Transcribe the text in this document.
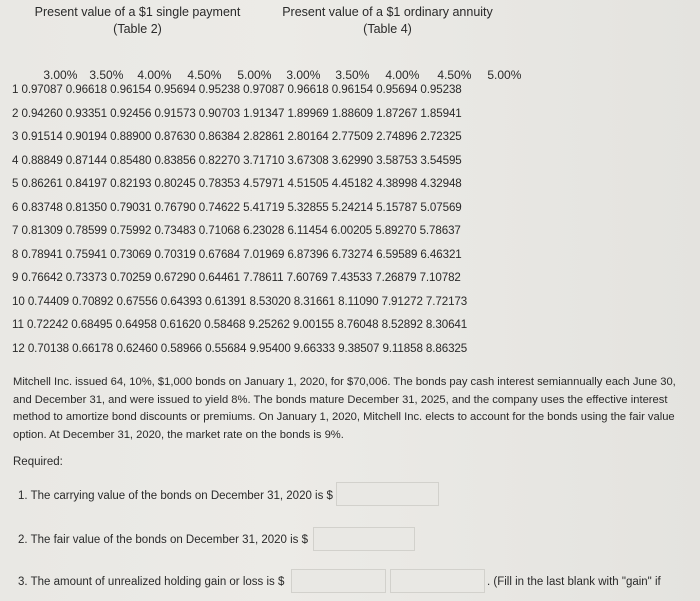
Present value of a $1 single payment
(Table 2)
Present value of a $1 ordinary annuity
(Table 4)

3.00% 3.50% 4.00% 4.50% 5.00% 3.00% 3.50% 4.00% 4.50% 5.00%

1 0.97087 0.96618 0.96154 0.95694 0.95238 0.97087 0.96618 0.96154 0.95694 0.95238
2 0.94260 0.93351 0.92456 0.91573 0.90703 1.91347 1.89969 1.88609 1.87267 1.85941
3 0.91514 0.90194 0.88900 0.87630 0.86384 2.82861 2.80164 2.77509 2.74896 2.72325
4 0.88849 0.87144 0.85480 0.83856 0.82270 3.71710 3.67308 3.62990 3.58753 3.54595
5 0.86261 0.84197 0.82193 0.80245 0.78353 4.57971 4.51505 4.45182 4.38998 4.32948
6 0.83748 0.81350 0.79031 0.76790 0.74622 5.41719 5.32855 5.24214 5.15787 5.07569
7 0.81309 0.78599 0.75992 0.73483 0.71068 6.23028 6.11454 6.00205 5.89270 5.78637
8 0.78941 0.75941 0.73069 0.70319 0.67684 7.01969 6.87396 6.73274 6.59589 6.46321
9 0.76642 0.73373 0.70259 0.67290 0.64461 7.78611 7.60769 7.43533 7.26879 7.10782
10 0.74409 0.70892 0.67556 0.64393 0.61391 8.53020 8.31661 8.11090 7.91272 7.72173
11 0.72242 0.68495 0.64958 0.61620 0.58468 9.25262 9.00155 8.76048 8.52892 8.30641
12 0.70138 0.66178 0.62460 0.58966 0.55684 9.95400 9.66333 9.38507 9.11858 8.86325
Mitchell Inc. issued 64, 10%, $1,000 bonds on January 1, 2020, for $70,006. The bonds pay cash interest semiannually each June 30, and December 31, and were issued to yield 8%. The bonds mature December 31, 2025, and the company uses the effective interest method to amortize bond discounts or premiums. On January 1, 2020, Mitchell Inc. elects to account for the bonds using the fair value option. At December 31, 2020, the market rate on the bonds is 9%.
Required:
1. The carrying value of the bonds on December 31, 2020 is $
2. The fair value of the bonds on December 31, 2020 is $
3. The amount of unrealized holding gain or loss is $	. (Fill in the last blank with "gain" if
